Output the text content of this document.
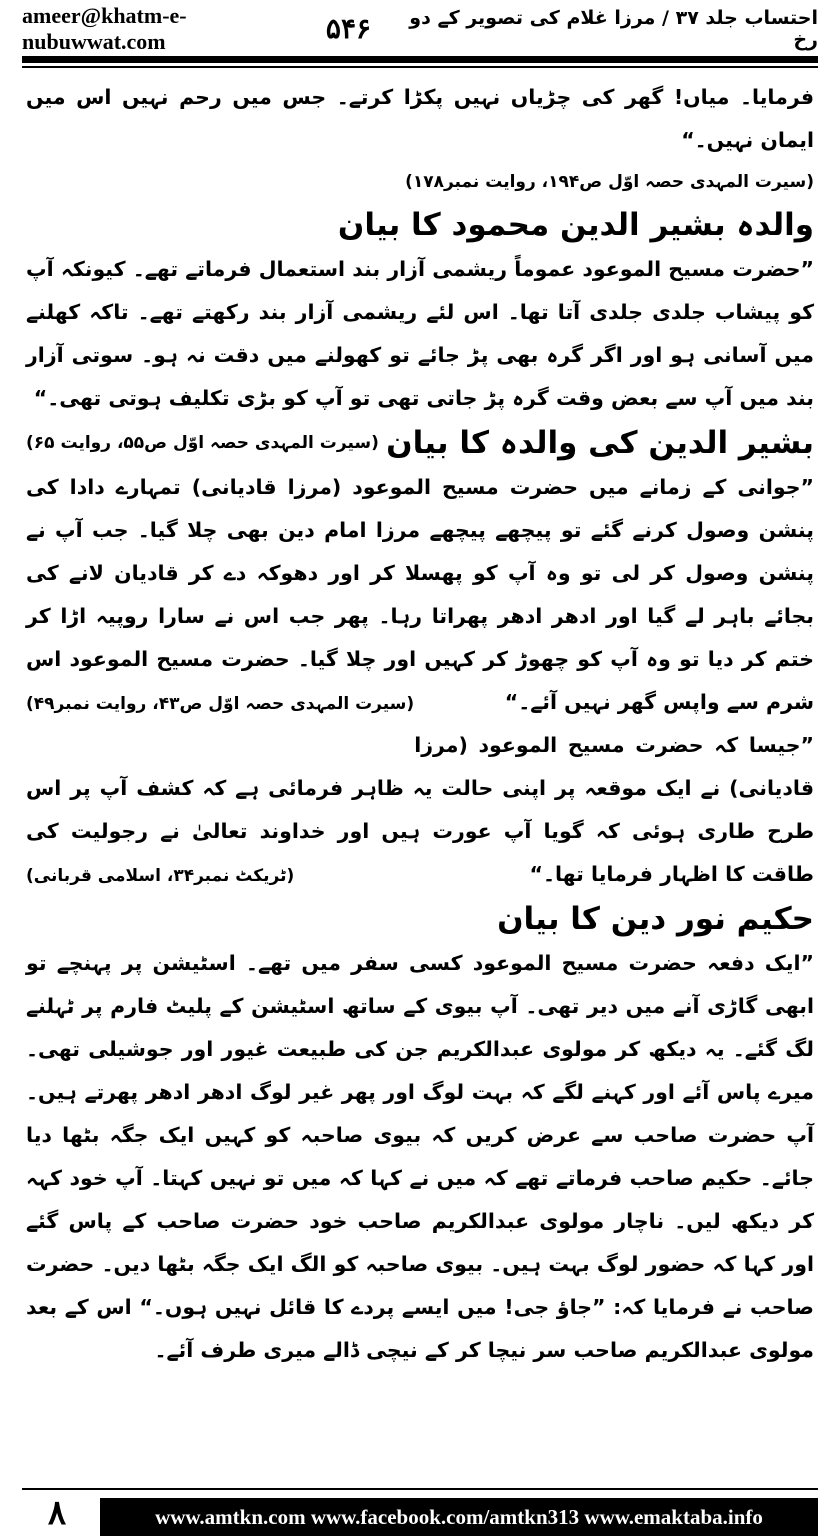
ameer@khatm-e-nubuwwat.com
احتساب جلد ۳۷ / مرزا غلام کی تصویر کے دو رخ
۵۴۶

فرمایا۔ میاں! گھر کی چڑیاں نہیں پکڑا کرتے۔ جس میں رحم نہیں اس میں ایمان نہیں۔“

(سیرت المہدی حصہ اوّل ص۱۹۴، روایت نمبر۱۷۸)

والدہ بشیر الدین محمود کا بیان

”حضرت مسیح الموعود عموماً ریشمی آزار بند استعمال فرماتے تھے۔ کیونکہ آپ کو پیشاب جلدی جلدی آتا تھا۔ اس لئے ریشمی آزار بند رکھتے تھے۔ تاکہ کھلنے میں آسانی ہو اور اگر گرہ بھی پڑ جائے تو کھولنے میں دقت نہ ہو۔ سوتی آزار بند میں آپ سے بعض وقت گرہ پڑ جاتی تھی تو آپ کو بڑی تکلیف ہوتی تھی۔“
(سیرت المہدی حصہ اوّل ص۵۵، روایت ۶۵) بشیر الدین کی والدہ کا بیان

”جوانی کے زمانے میں حضرت مسیح الموعود (مرزا قادیانی) تمہارے دادا کی پنشن وصول کرنے گئے تو پیچھے پیچھے مرزا امام دین بھی چلا گیا۔ جب آپ نے پنشن وصول کر لی تو وہ آپ کو پھسلا کر اور دھوکہ دے کر قادیان لانے کی بجائے باہر لے گیا اور ادھر ادھر پھراتا رہا۔ پھر جب اس نے سارا روپیہ اڑا کر ختم کر دیا تو وہ آپ کو چھوڑ کر کہیں اور چلا گیا۔ حضرت مسیح الموعود اس شرم سے واپس گھر نہیں آئے۔“
(سیرت المہدی حصہ اوّل ص۴۳، روایت نمبر۴۹)

”جیسا کہ حضرت مسیح الموعود (مرزا قادیانی) نے ایک موقعہ پر اپنی حالت یہ ظاہر فرمائی ہے کہ کشف آپ پر اس طرح طاری ہوئی کہ گویا آپ عورت ہیں اور خداوند تعالیٰ نے رجولیت کی طاقت کا اظہار فرمایا تھا۔“
(ٹریکٹ نمبر۳۴، اسلامی قربانی)

حکیم نور دین کا بیان

”ایک دفعہ حضرت مسیح الموعود کسی سفر میں تھے۔ اسٹیشن پر پہنچے تو ابھی گاڑی آنے میں دیر تھی۔ آپ بیوی کے ساتھ اسٹیشن کے پلیٹ فارم پر ٹہلنے لگ گئے۔ یہ دیکھ کر مولوی عبدالکریم جن کی طبیعت غیور اور جوشیلی تھی۔ میرے پاس آئے اور کہنے لگے کہ بہت لوگ اور پھر غیر لوگ ادھر ادھر پھرتے ہیں۔ آپ حضرت صاحب سے عرض کریں کہ بیوی صاحبہ کو کہیں ایک جگہ بٹھا دیا جائے۔ حکیم صاحب فرماتے تھے کہ میں نے کہا کہ میں تو نہیں کہتا۔ آپ خود کہہ کر دیکھ لیں۔ ناچار مولوی عبدالکریم صاحب خود حضرت صاحب کے پاس گئے اور کہا کہ حضور لوگ بہت ہیں۔ بیوی صاحبہ کو الگ ایک جگہ بٹھا دیں۔ حضرت صاحب نے فرمایا کہ: ”جاؤ جی! میں ایسے پردے کا قائل نہیں ہوں۔“ اس کے بعد مولوی عبدالکریم صاحب سر نیچا کر کے نیچی ڈالے میری طرف آئے۔

۸	www.amtkn.com www.facebook.com/amtkn313 www.emaktaba.info
